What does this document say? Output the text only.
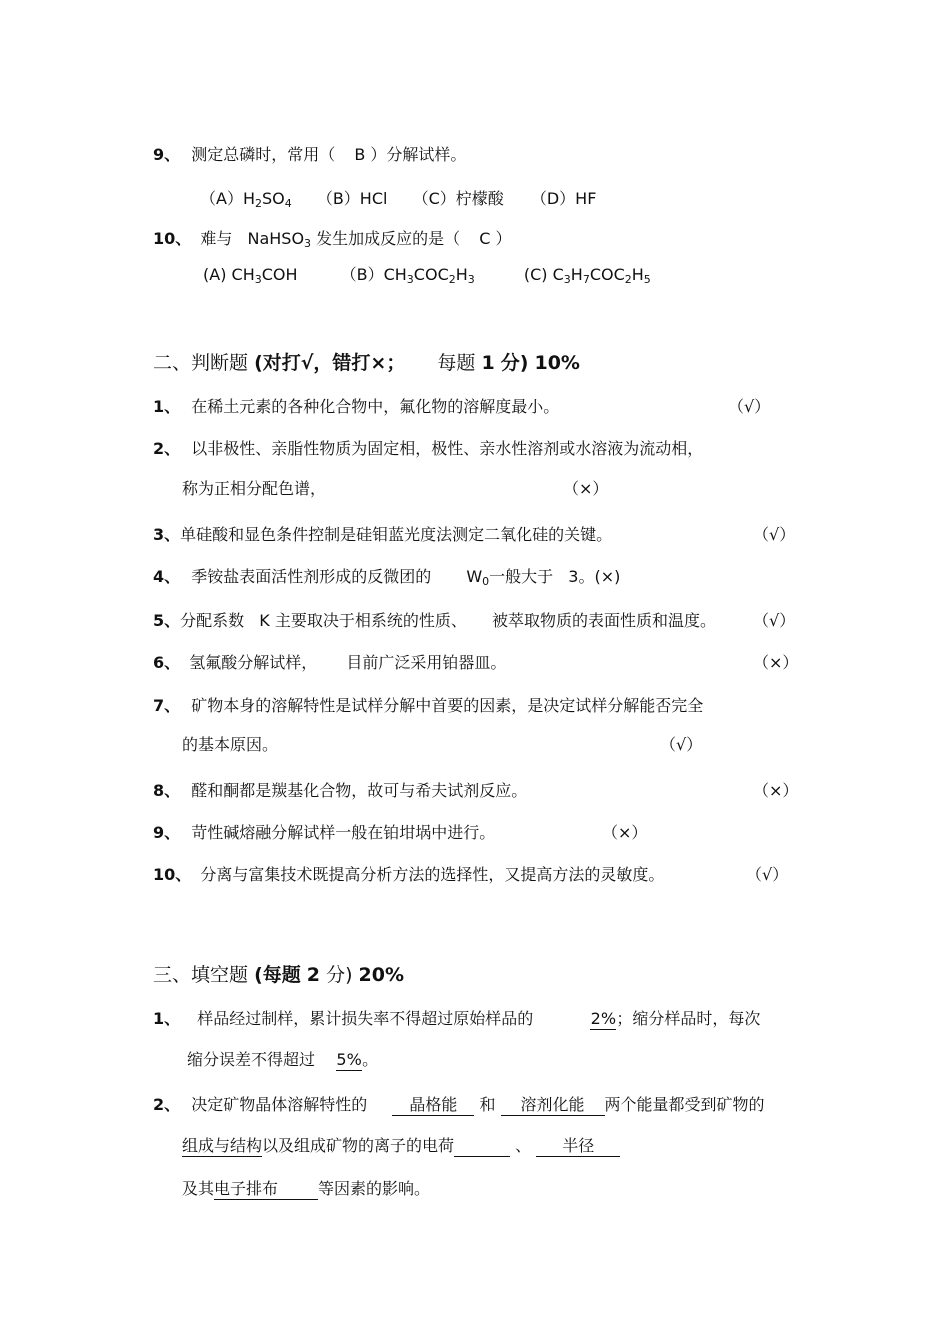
9、 测定总磷时，常用（ B ）分解试样。
$(A)H_2SO_4$ （B）HCl （C）柠檬酸 （D）HF
10、 难与 NaHSO$_3$ 发生加成反应的是（ C ）
(A) $CH_3COH$	$(B)CH_3COC_2H_3$	(C) $C_3H_7COC_2H_5$
二、判断题 (对打√，错打×； 每题 1 分) 10%
1、 在稀土元素的各种化合物中，氟化物的溶解度最小。	（√）
2、 以非极性、亲脂性物质为固定相，极性、亲水性溶剂或水溶液为流动相，
称为正相分配色谱，	（×）
3、单硅酸和显色条件控制是硅钼蓝光度法测定二氧化硅的关键。	（√）
4、 季铵盐表面活性剂形成的反微团的 $W_0$一般大于 3。(×)
5、分配系数 K 主要取决于相系统的性质、 被萃取物质的表面性质和温度。 （√）
6、 氢氟酸分解试样， 目前广泛采用铂器皿。	（×）
7、 矿物本身的溶解特性是试样分解中首要的因素，是决定试样分解能否完全
的基本原因。	（√）
8、 醛和酮都是羰基化合物，故可与希夫试剂反应。	（×）
9、 苛性碱熔融分解试样一般在铂坩埚中进行。	（×）
10、 分离与富集技术既提高分析方法的选择性，又提高方法的灵敏度。	（√）
三、填空题 (每题 2 分) 20%
1、 样品经过制样，累计损失率不得超过原始样品的	2%；缩分样品时，每次
缩分误差不得超过 5%。
2、 决定矿物晶体溶解特性的	晶格能 和 溶剂化能 两个能量都受到矿物的
组成与结构以及组成矿物的离子的电荷	、 半径
及其电子排布 等因素的影响。
